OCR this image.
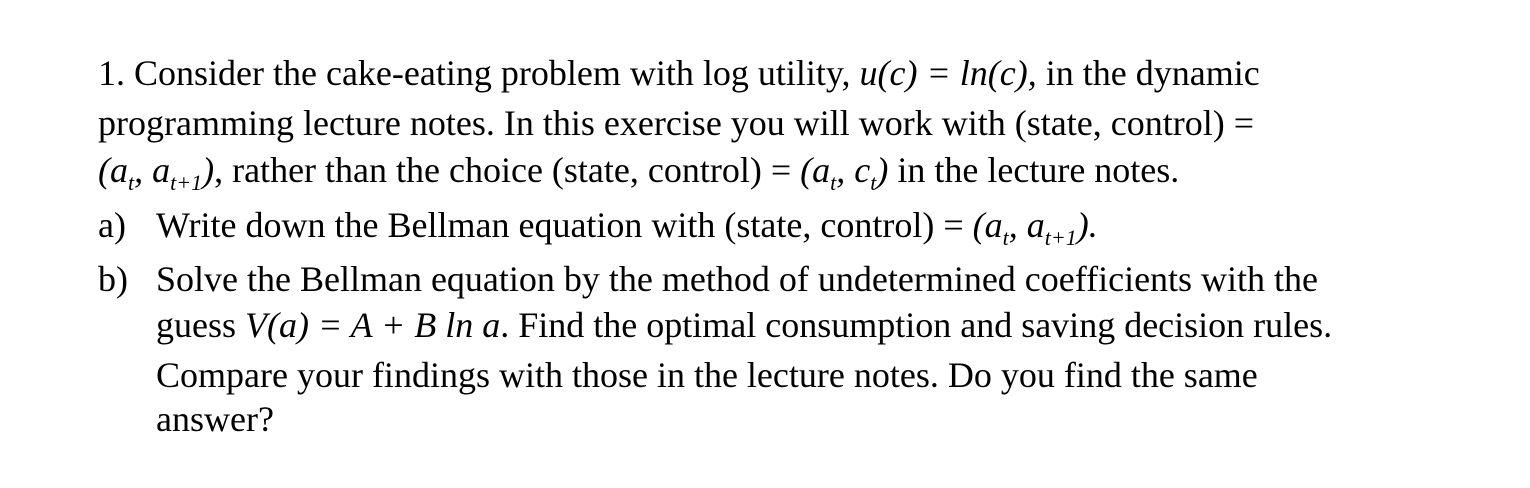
1. Consider the cake-eating problem with log utility, u(c) = ln(c), in the dynamic
programming lecture notes. In this exercise you will work with (state, control) =
($a_t$, $a_{t+1}$), rather than the choice (state, control) = ($a_t$, $c_t$) in the lecture notes.
a) Write down the Bellman equation with (state, control) = ($a_t$, $a_{t+1}$).
b) Solve the Bellman equation by the method of undetermined coefficients with the
guess V(a) = A + B ln a. Find the optimal consumption and saving decision rules.
Compare your findings with those in the lecture notes. Do you find the same
answer?
